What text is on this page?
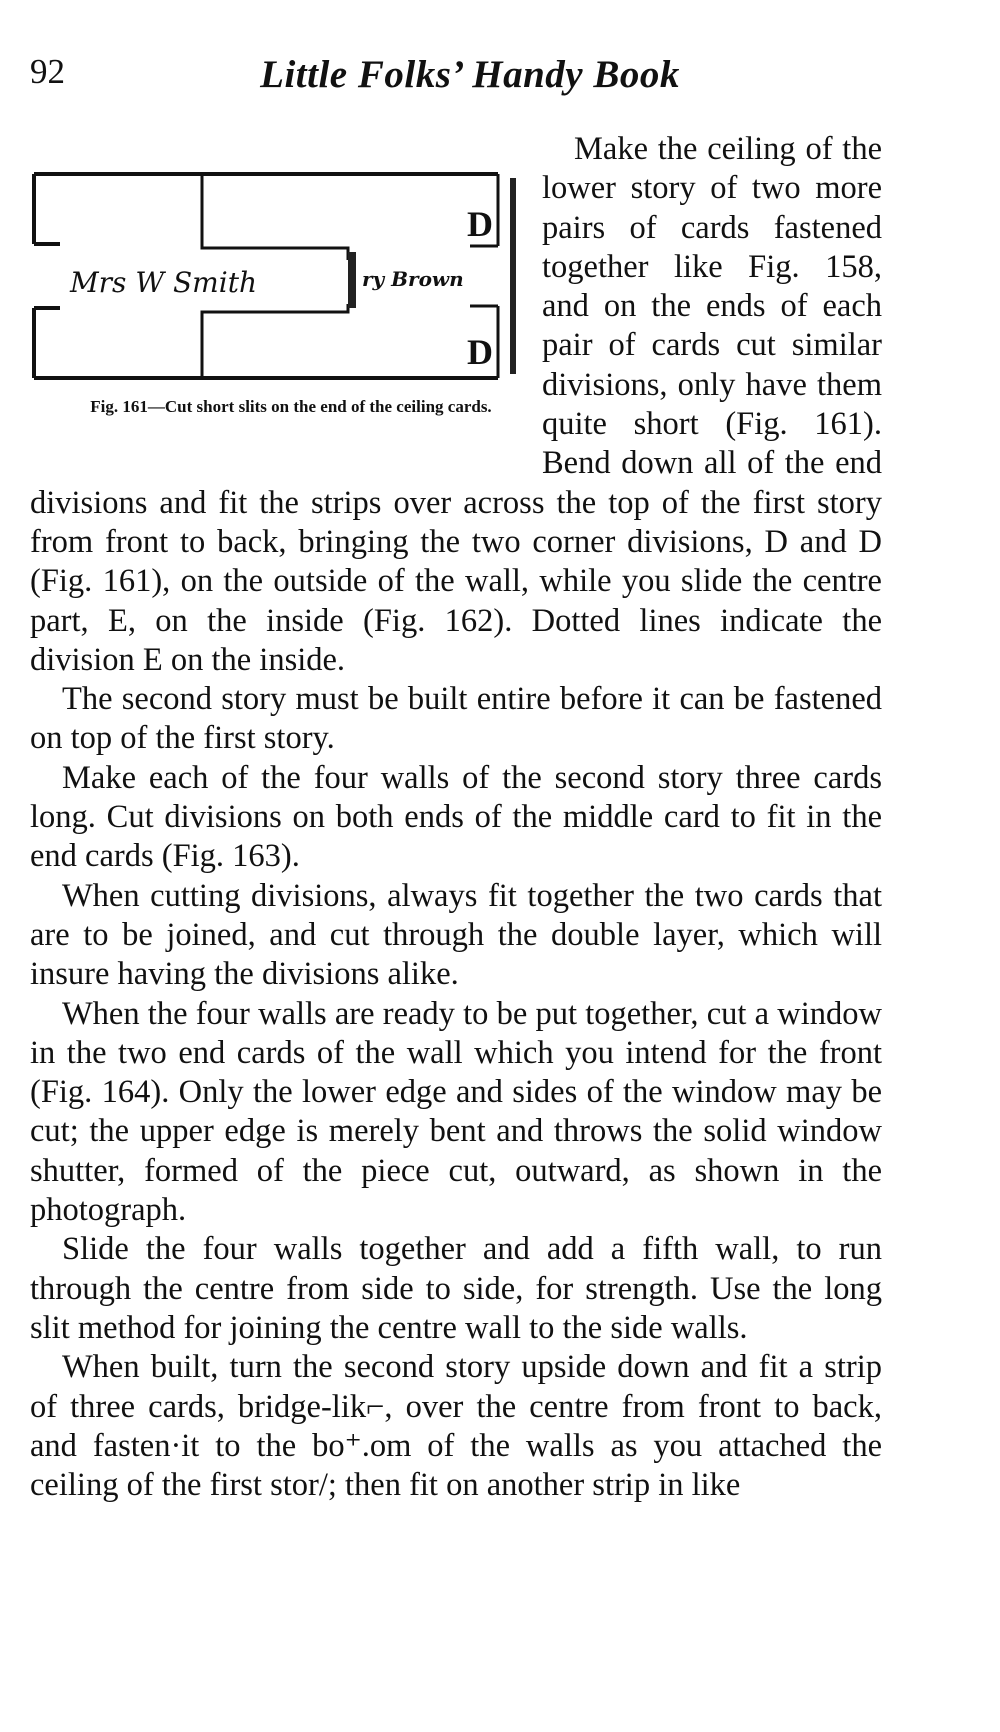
92	Little Folks’ Handy Book

D
D
Mrs W Smith	ry Brown
Fig. 161—Cut short slits on the end of the ceiling cards.
Make the ceiling of the lower story of two more pairs of cards fastened together like Fig. 158, and on the ends of each pair of cards cut similar divisions, only have them quite short (Fig. 161). Bend down all of the end divisions and fit the strips over across the top of the first story from front to back, bringing the two corner divisions, D and D (Fig. 161), on the outside of the wall, while you slide the centre part, E, on the inside (Fig. 162). Dotted lines indicate the division E on the inside.

The second story must be built entire before it can be fastened on top of the first story.

Make each of the four walls of the second story three cards long. Cut divisions on both ends of the middle card to fit in the end cards (Fig. 163).

When cutting divisions, always fit together the two cards that are to be joined, and cut through the double layer, which will insure having the divisions alike.

When the four walls are ready to be put together, cut a window in the two end cards of the wall which you intend for the front (Fig. 164). Only the lower edge and sides of the window may be cut; the upper edge is merely bent and throws the solid window shutter, formed of the piece cut, outward, as shown in the photograph.

Slide the four walls together and add a fifth wall, to run through the centre from side to side, for strength. Use the long slit method for joining the centre wall to the side walls.

When built, turn the second story upside down and fit a strip of three cards, bridge-lik⌐, over the centre from front to back, and fasten·it to the bo⁺.om of the walls as you attached the ceiling of the first stor/; then fit on another strip in like
